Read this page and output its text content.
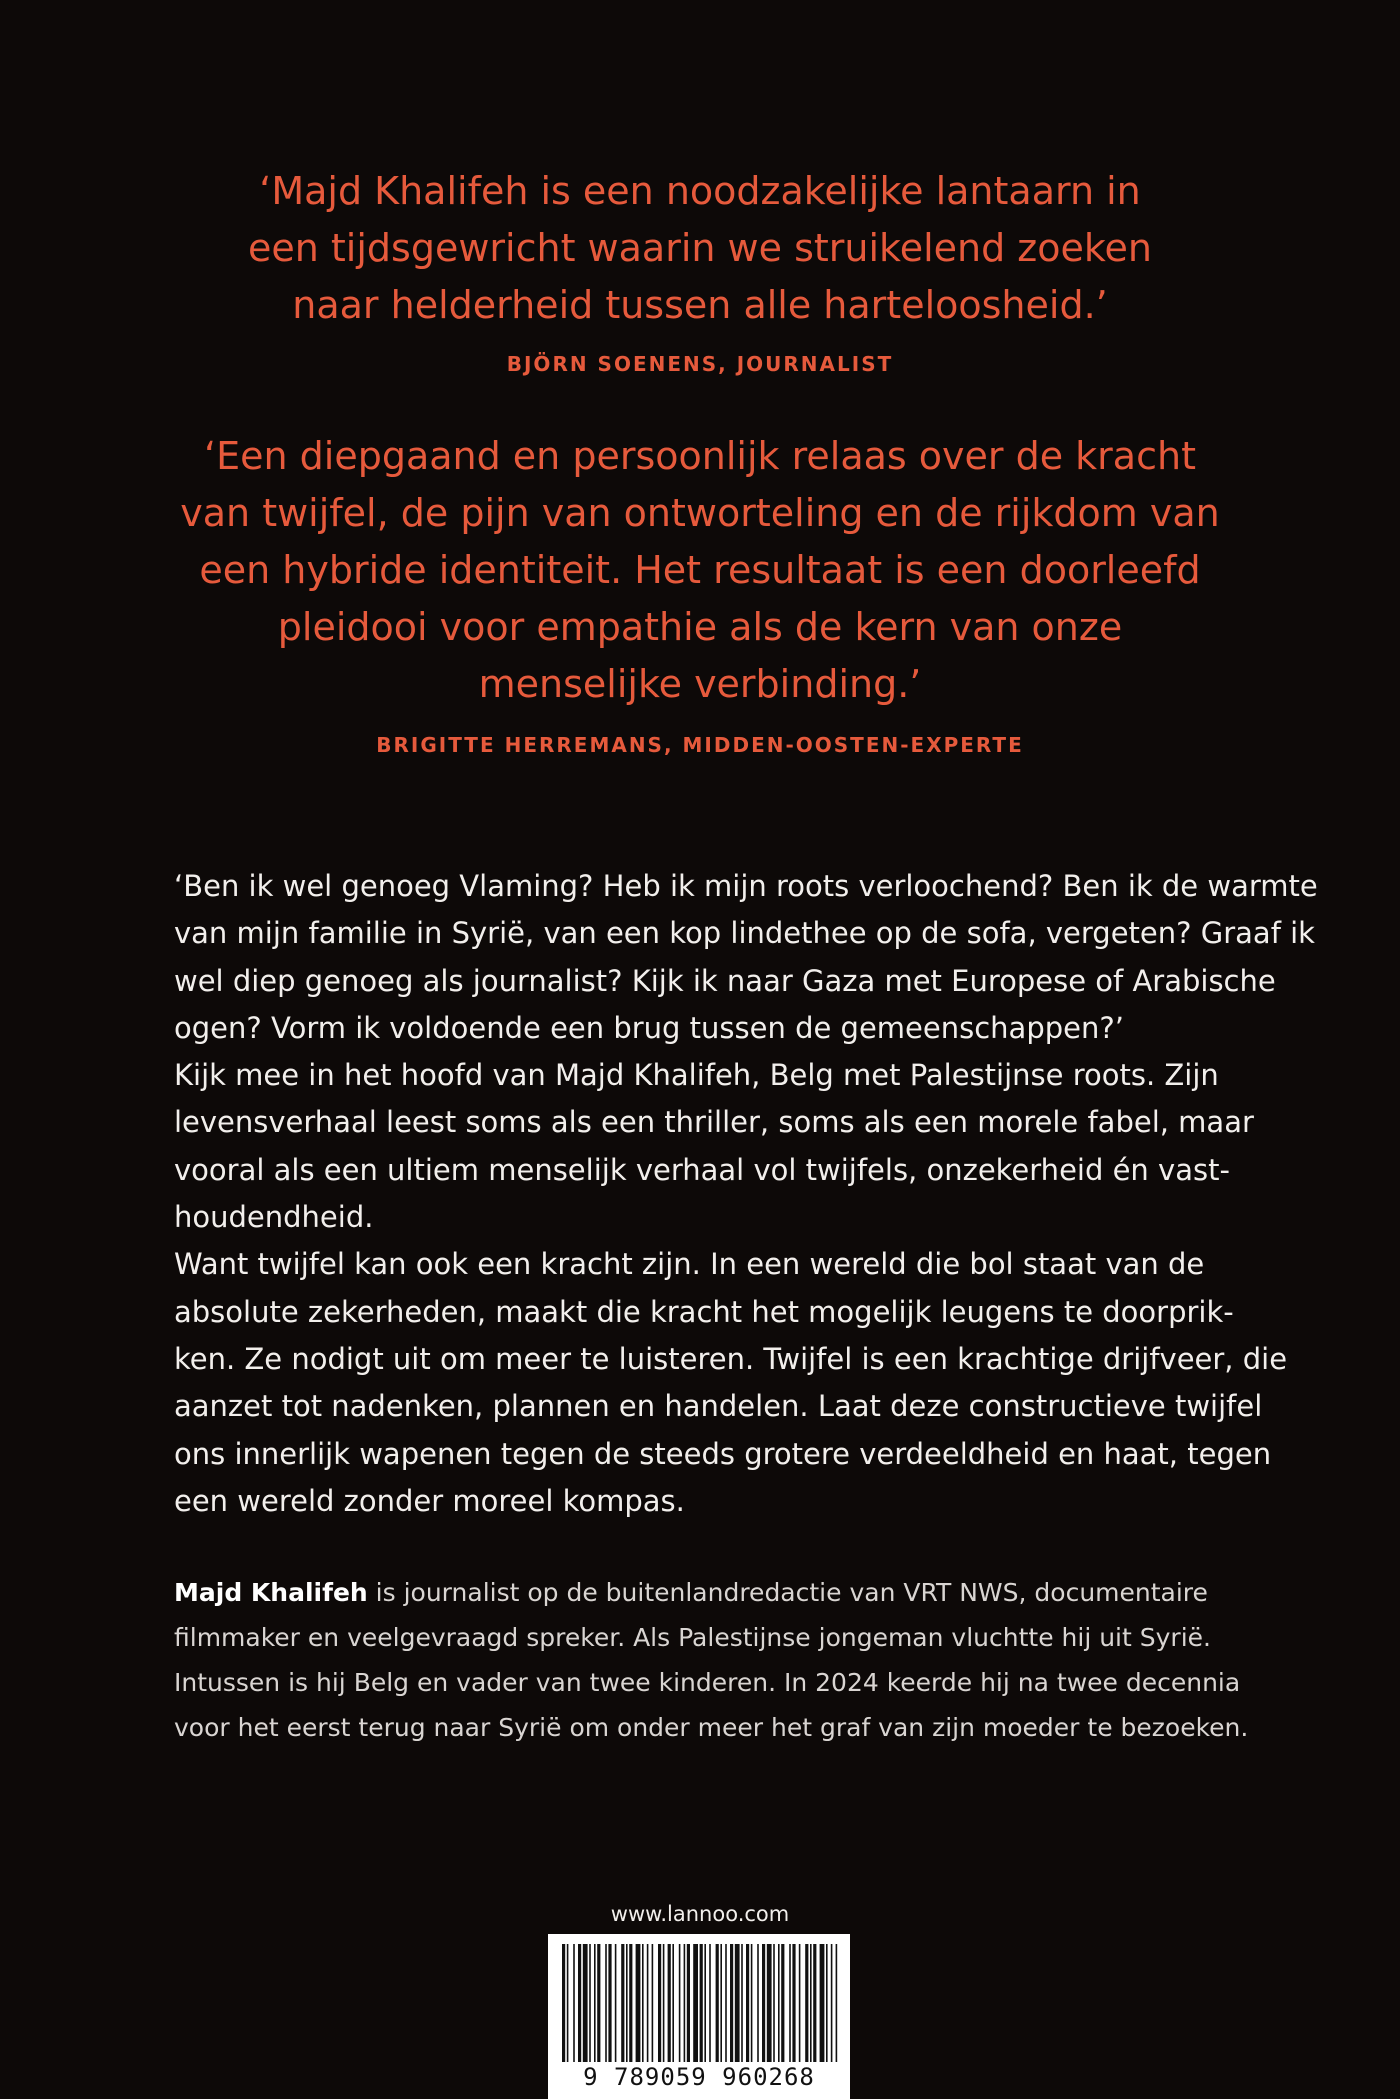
‘Majd Khalifeh is een noodzakelijke lantaarn in
een tijdsgewricht waarin we struikelend zoeken
naar helderheid tussen alle harteloosheid.’
BJÖRN SOENENS, JOURNALIST
‘Een diepgaand en persoonlijk relaas over de kracht
van twijfel, de pijn van ontworteling en de rijkdom van
een hybride identiteit. Het resultaat is een doorleefd
pleidooi voor empathie als de kern van onze
menselijke verbinding.’
BRIGITTE HERREMANS, MIDDEN-OOSTEN-EXPERTE
‘Ben ik wel genoeg Vlaming? Heb ik mijn roots verloochend? Ben ik de warmte
van mijn familie in Syrië, van een kop lindethee op de sofa, vergeten? Graaf ik
wel diep genoeg als journalist? Kijk ik naar Gaza met Europese of Arabische
ogen? Vorm ik voldoende een brug tussen de gemeenschappen?’
Kijk mee in het hoofd van Majd Khalifeh, Belg met Palestijnse roots. Zijn
levensverhaal leest soms als een thriller, soms als een morele fabel, maar
vooral als een ultiem menselijk verhaal vol twijfels, onzekerheid én vast-
houdendheid.
Want twijfel kan ook een kracht zijn. In een wereld die bol staat van de
absolute zekerheden, maakt die kracht het mogelijk leugens te doorprik-
ken. Ze nodigt uit om meer te luisteren. Twijfel is een krachtige drijfveer, die
aanzet tot nadenken, plannen en handelen. Laat deze constructieve twijfel
ons innerlijk wapenen tegen de steeds grotere verdeeldheid en haat, tegen
een wereld zonder moreel kompas.
Majd Khalifeh is journalist op de buitenlandredactie van VRT NWS, documentaire
filmmaker en veelgevraagd spreker. Als Palestijnse jongeman vluchtte hij uit Syrië.
Intussen is hij Belg en vader van twee kinderen. In 2024 keerde hij na twee decennia
voor het eerst terug naar Syrië om onder meer het graf van zijn moeder te bezoeken.
www.lannoo.com
9 789059 960268
